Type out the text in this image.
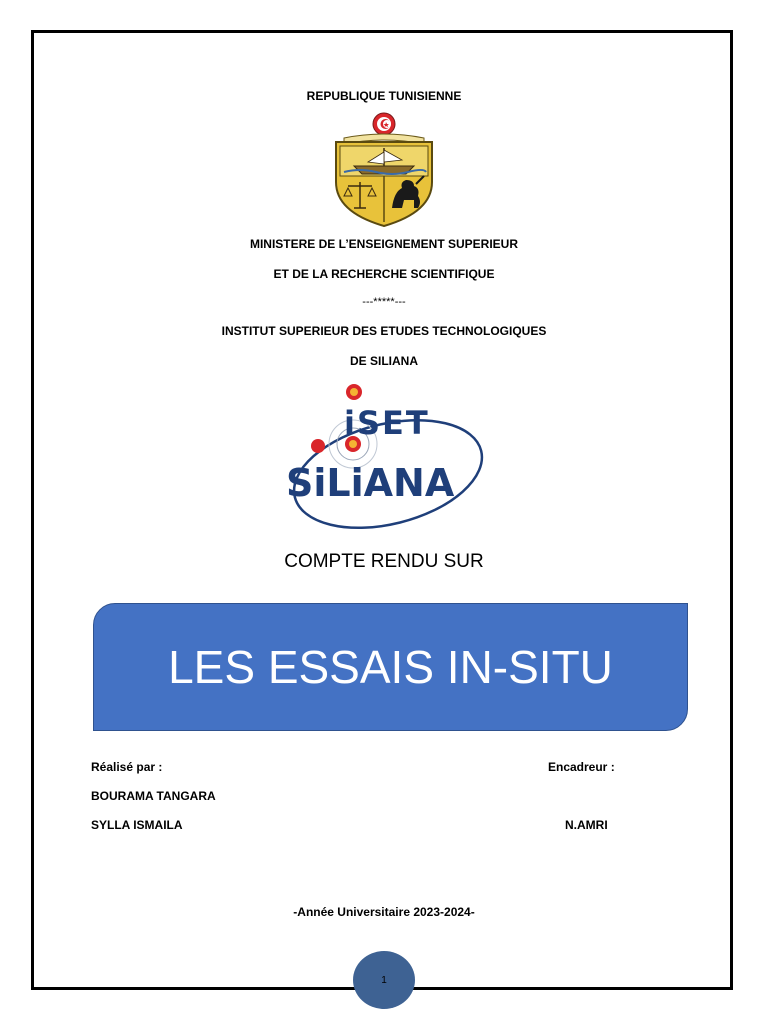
REPUBLIQUE TUNISIENNE
MINISTERE DE L’ENSEIGNEMENT SUPERIEUR
ET DE LA RECHERCHE SCIENTIFIQUE
---*****---
INSTITUT SUPERIEUR DES ETUDES TECHNOLOGIQUES
DE SILIANA
iSET
SiLiANA
COMPTE RENDU SUR
LES ESSAIS IN-SITU
Réalisé par :
BOURAMA TANGARA
SYLLA ISMAILA
Encadreur :
N.AMRI
-Année Universitaire 2023-2024-
1
